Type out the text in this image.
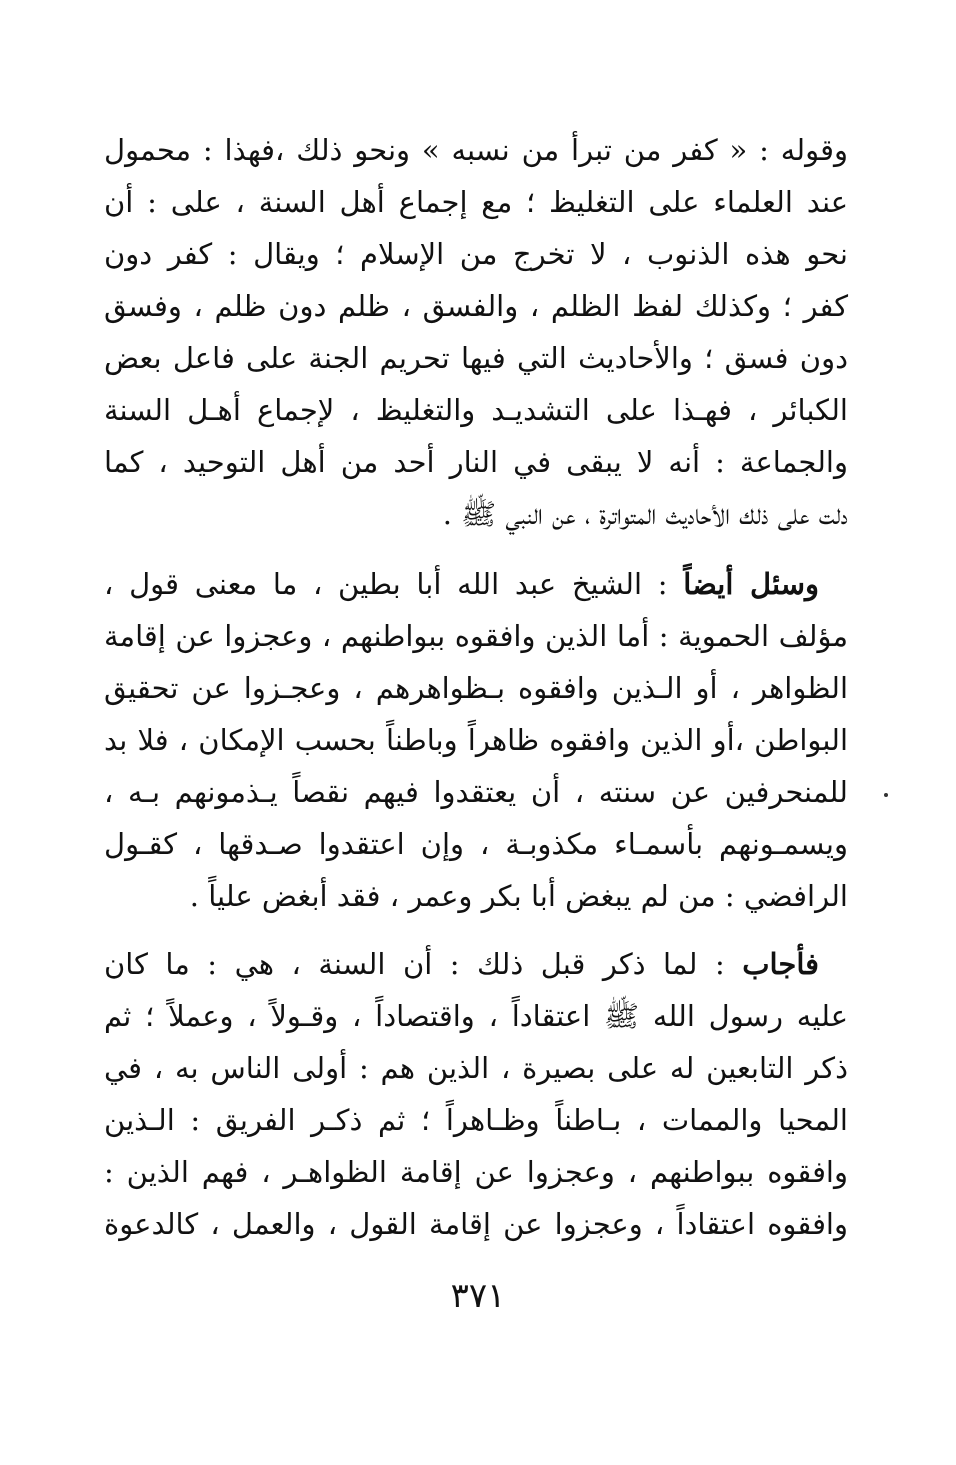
وقوله : « كفر من تبرأ من نسبه » ونحو ذلك ،فهذا : محمول
عند العلماء على التغليظ ؛ مع إجماع أهل السنة ، على : أن
نحو هذه الذنوب ، لا تخرج من الإسلام ؛ ويقال : كفر دون
كفر ؛ وكذلك لفظ الظلم ، والفسق ، ظلم دون ظلم ، وفسق
دون فسق ؛ والأحاديث التي فيها تحريم الجنة على فاعل بعض
الكبائر ، فهـذا على التشديـد والتغليظ ، لإجماع أهـل السنة
والجماعة : أنه لا يبقى في النار أحد من أهل التوحيد ، كما
دلت على ذلك الأحاديث المتواترة ، عن النبي ﷺ .
 وسئل أيضاً : الشيخ عبد الله أبا بطين ، ما معنى قول ،
مؤلف الحموية : أما الذين وافقوه ببواطنهم ، وعجزوا عن إقامة
الظواهر ، أو الـذين وافقوه بـظواهرهم ، وعجـزوا عن تحقيق
البواطن ،أو الذين وافقوه ظاهراً وباطناً بحسب الإمكان ، فلا بد
للمنحرفين عن سنته ، أن يعتقدوا فيهم نقصاً يـذمونهم بـه ،
ويسمـونهم بأسمـاء مكذوبـة ، وإن اعتقدوا صـدقها ، كقـول
الرافضي : من لم يبغض أبا بكر وعمر ، فقد أبغض علياً .
 فأجاب : لما ذكر قبل ذلك : أن السنة ، هي : ما كان
عليه رسول الله ﷺ اعتقاداً ، واقتصاداً ، وقـولاً ، وعملاً ؛ ثم
ذكر التابعين له على بصيرة ، الذين هم : أولى الناس به ، في
المحيا والممات ، بـاطناً وظـاهراً ؛ ثم ذكـر الفريق : الـذين
وافقوه ببواطنهم ، وعجزوا عن إقامة الظواهـر ، فهم الذين :
وافقوه اعتقاداً ، وعجزوا عن إقامة القول ، والعمل ، كالدعوة
٣٧١
